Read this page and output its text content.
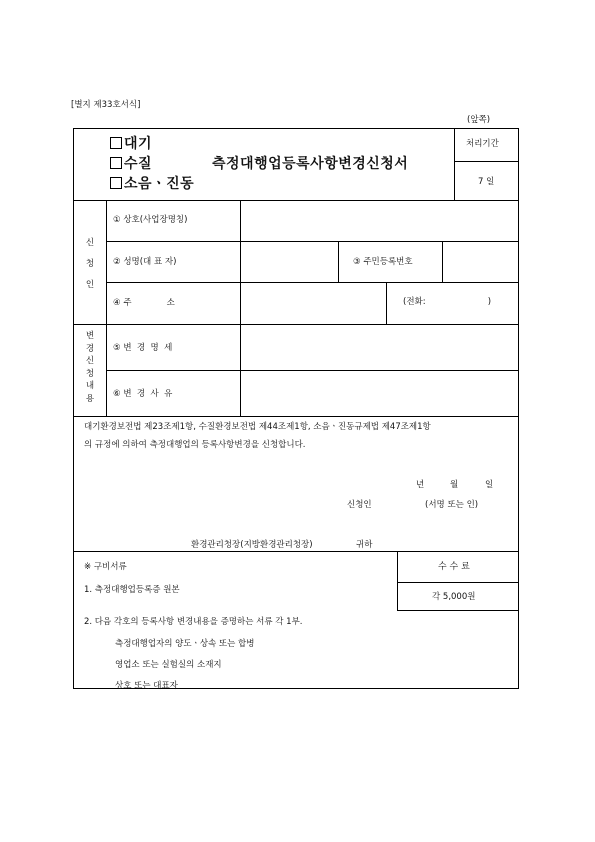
[별지 제33호서식]
(앞쪽)
대기
수질
소음ㆍ진동
측정대행업등록사항변경신청서
처리기간
7 일
신청인
① 상호(사업장명칭)
② 성명(대 표 자)	③ 주민등록번호
④ 주             소	(전화:                       )
변경신청내용
⑤ 변  경  명  세
⑥ 변  경  사  유
대기환경보전법 제23조제1항, 수질환경보전법 제44조제1항, 소음ㆍ진동규제법 제47조제1항
의 규정에 의하여 측정대행업의 등록사항변경을 신청합니다.
년	월	일
신청인	(서명 또는 인)
환경관리청장(지방환경관리청장)	귀하
※ 구비서류
1. 측정대행업등록증 원본
2. 다음 각호의 등록사항 변경내용을 증명하는 서류 각 1부.
측정대행업자의 양도ㆍ상속 또는 합병
영업소 또는 실험실의 소재지
상호 또는 대표자
수 수 료
각 5,000원
